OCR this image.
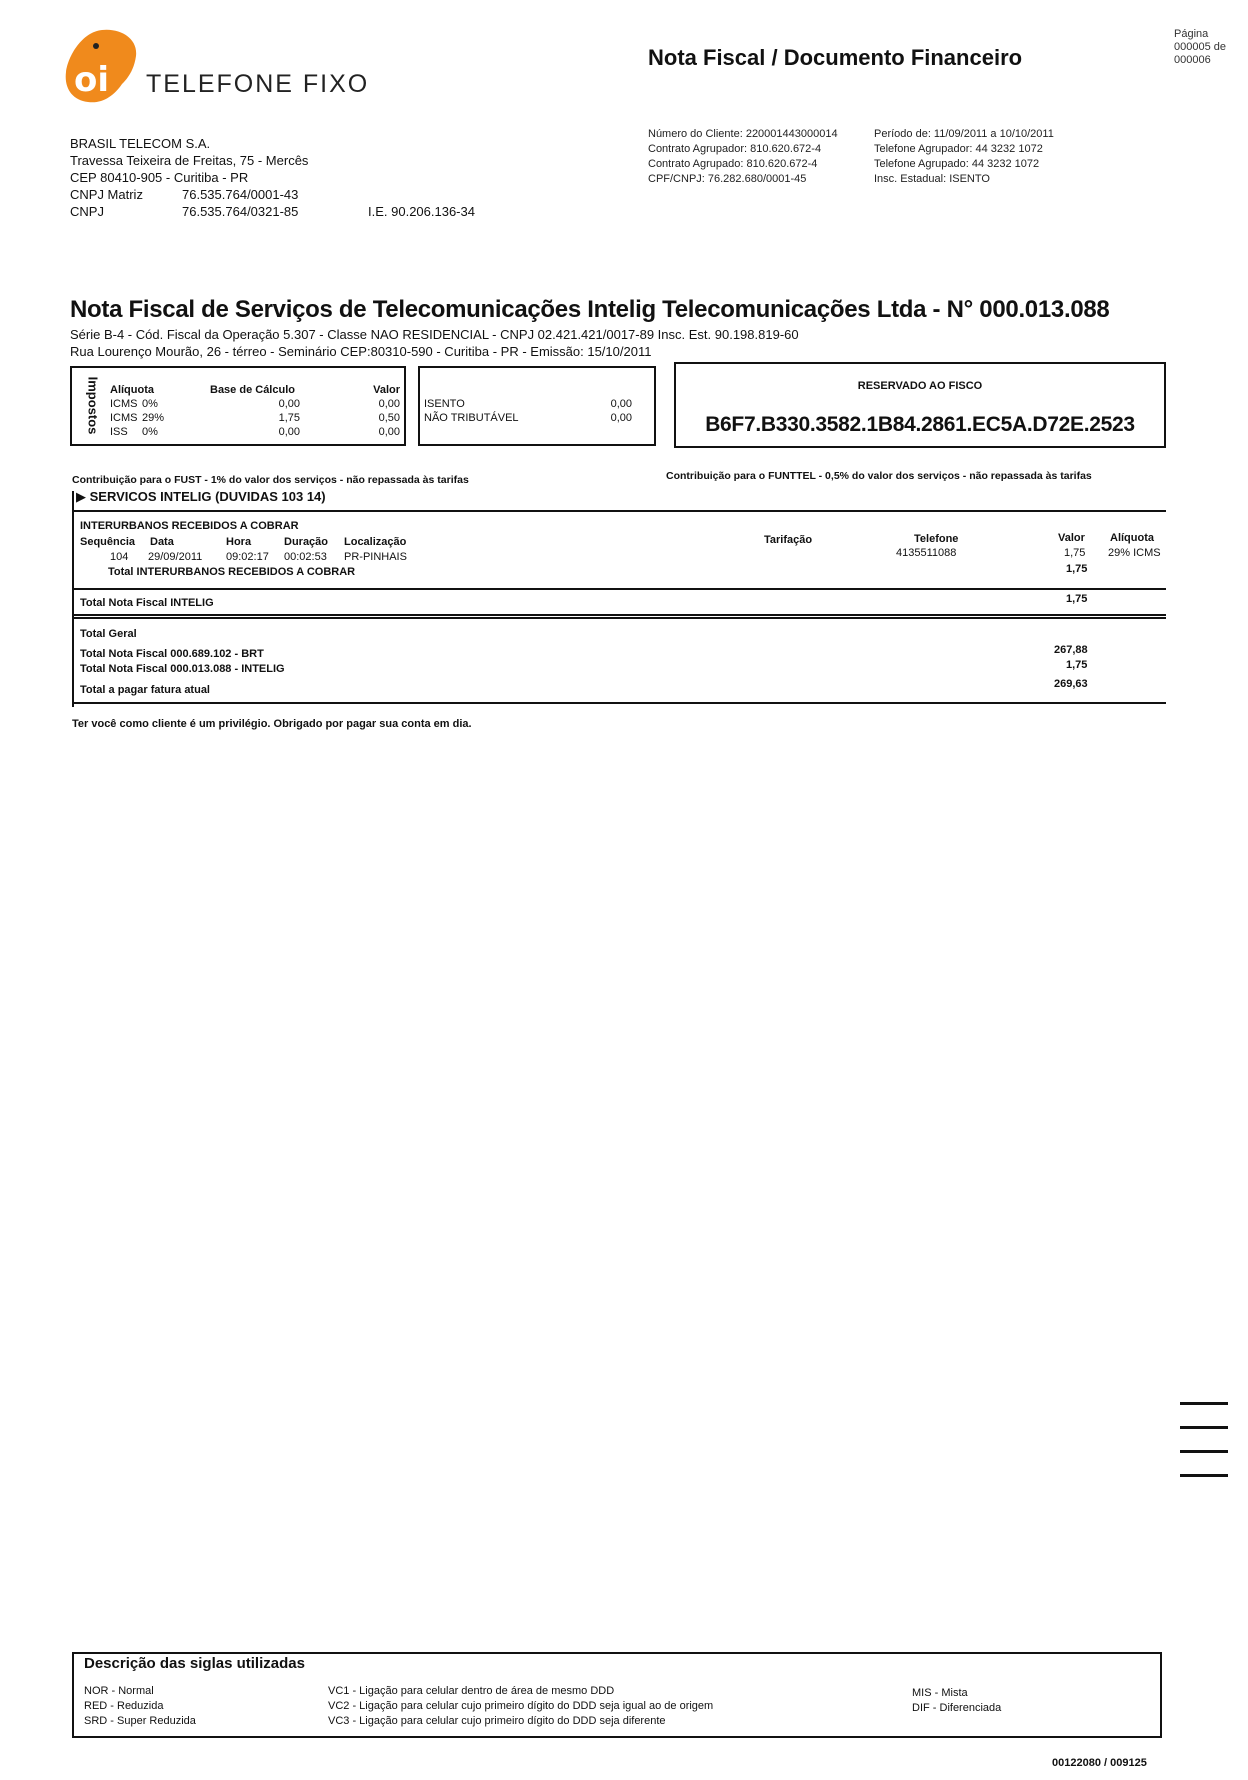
oi TELEFONE FIXO
Nota Fiscal / Documento Financeiro
Página
000005 de
000006
BRASIL TELECOM S.A.
Travessa Teixeira de Freitas, 75 - Mercês
CEP 80410-905 - Curitiba - PR
CNPJ Matriz	76.535.764/0001-43
CNPJ	76.535.764/0321-85	I.E. 90.206.136-34
Número do Cliente: 220001443000014
Contrato Agrupador: 810.620.672-4
Contrato Agrupado: 810.620.672-4
CPF/CNPJ: 76.282.680/0001-45
Período de: 11/09/2011 a 10/10/2011
Telefone Agrupador: 44 3232 1072
Telefone Agrupado: 44 3232 1072
Insc. Estadual: ISENTO
Nota Fiscal de Serviços de Telecomunicações Intelig Telecomunicações Ltda - N° 000.013.088
Série B-4 - Cód. Fiscal da Operação 5.307 - Classe NAO RESIDENCIAL - CNPJ 02.421.421/0017-89 Insc. Est. 90.198.819-60
Rua Lourenço Mourão, 26 - térreo - Seminário CEP:80310-590 - Curitiba - PR - Emissão: 15/10/2011
Impostos Alíquota	Base de Cálculo	Valor
ICMS 0%	0,00	0,00
ICMS 29%	1,75	0,50
ISS	0%	0,00	0,00
ISENTO	0,00
NÃO TRIBUTÁVEL	0,00
RESERVADO AO FISCO
B6F7.B330.3582.1B84.2861.EC5A.D72E.2523
Contribuição para o FUST - 1% do valor dos serviços - não repassada às tarifas	Contribuição para o FUNTTEL - 0,5% do valor dos serviços - não repassada às tarifas
▶ SERVICOS INTELIG (DUVIDAS 103 14)
INTERURBANOS RECEBIDOS A COBRAR
Sequência Data	Hora	Duração Localização	Tarifação	Telefone	Valor Alíquota
104 29/09/2011 09:02:17 00:02:53 PR-PINHAIS	4135511088	1,75 29% ICMS
Total INTERURBANOS RECEBIDOS A COBRAR	1,75
Total Nota Fiscal INTELIG	1,75
Total Geral
Total Nota Fiscal 000.689.102 - BRT	267,88
Total Nota Fiscal 000.013.088 - INTELIG	1,75
Total a pagar fatura atual	269,63
Ter você como cliente é um privilégio. Obrigado por pagar sua conta em dia.
Descrição das siglas utilizadas
NOR - Normal
RED - Reduzida
SRD - Super Reduzida
VC1 - Ligação para celular dentro de área de mesmo DDD
VC2 - Ligação para celular cujo primeiro dígito do DDD seja igual ao de origem
VC3 - Ligação para celular cujo primeiro dígito do DDD seja diferente
MIS - Mista
DIF - Diferenciada
00122080 / 009125
